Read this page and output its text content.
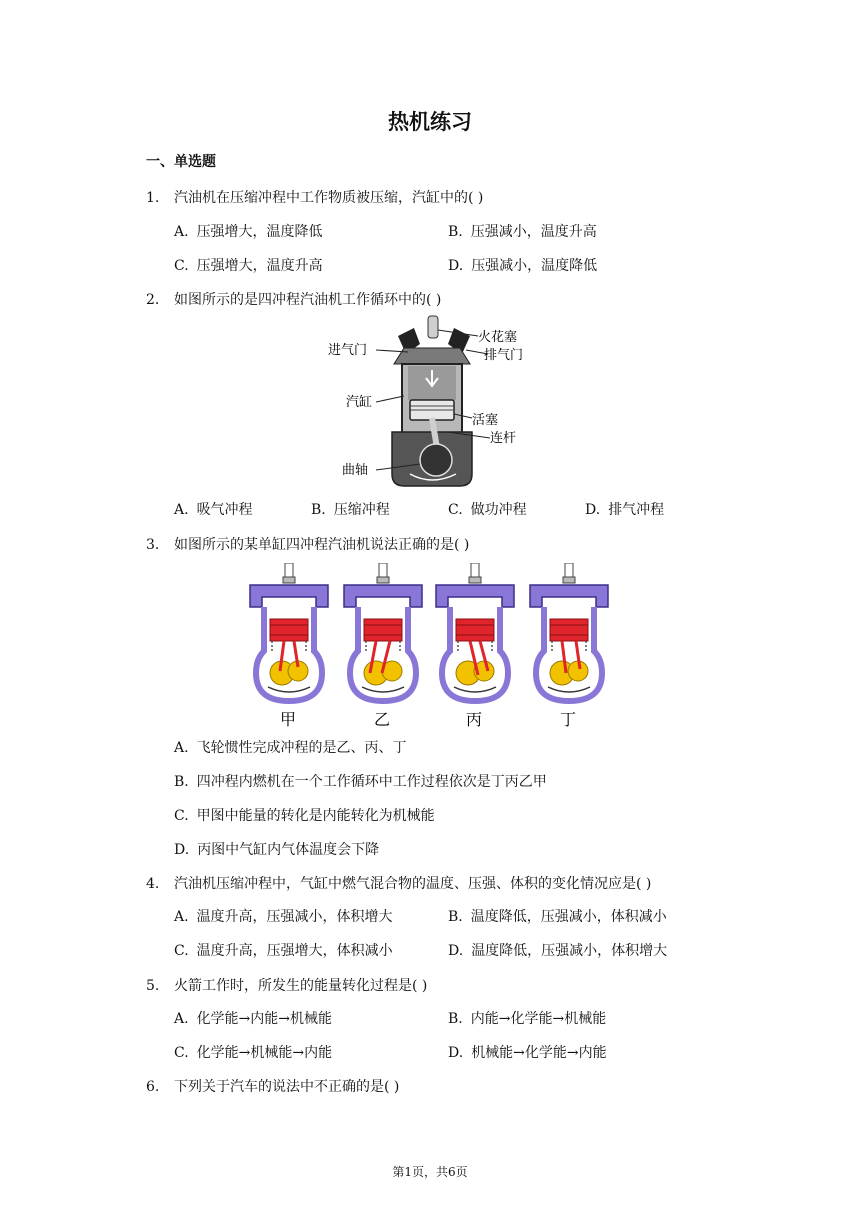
热机练习
一、单选题
1. 汽油机在压缩冲程中工作物质被压缩，汽缸中的( )
A. 压强增大，温度降低	B. 压强减小，温度升高
C. 压强增大，温度升高	D. 压强减小，温度降低
2. 如图所示的是四冲程汽油机工作循环中的( )
进气门
火花塞
排气门
汽缸
活塞
连杆
曲轴
A. 吸气冲程	B. 压缩冲程	C. 做功冲程	D. 排气冲程
3. 如图所示的某单缸四冲程汽油机说法正确的是( )
甲	乙	丙	丁
A. 飞轮惯性完成冲程的是乙、丙、丁
B. 四冲程内燃机在一个工作循环中工作过程依次是丁丙乙甲
C. 甲图中能量的转化是内能转化为机械能
D. 丙图中气缸内气体温度会下降
4. 汽油机压缩冲程中，气缸中燃气混合物的温度、压强、体积的变化情况应是( )
A. 温度升高，压强减小，体积增大	B. 温度降低，压强减小，体积减小
C. 温度升高，压强增大，体积减小	D. 温度降低，压强减小，体积增大
5. 火箭工作时，所发生的能量转化过程是( )
A. 化学能→内能→机械能	B. 内能→化学能→机械能
C. 化学能→机械能→内能	D. 机械能→化学能→内能
6. 下列关于汽车的说法中不正确的是( )
第1页，共6页
